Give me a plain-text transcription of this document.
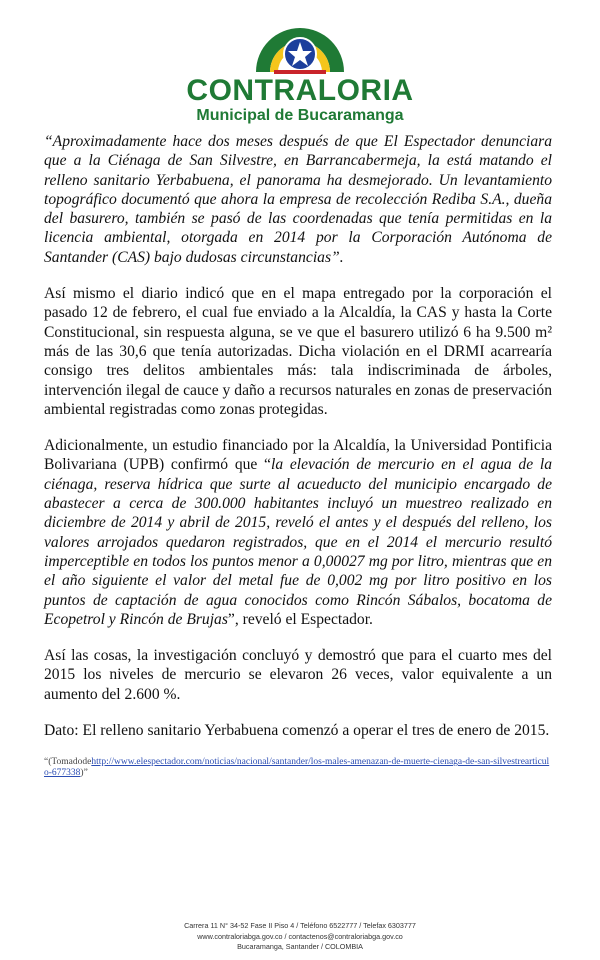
CONTRALORIA
Municipal de Bucaramanga

“Aproximadamente hace dos meses después de que El Espectador denunciara que a la Ciénaga de San Silvestre, en Barrancabermeja, la está matando el relleno sanitario Yerbabuena, el panorama ha desmejorado. Un levantamiento topográfico documentó que ahora la empresa de recolección Rediba S.A., dueña del basurero, también se pasó de las coordenadas que tenía permitidas en la licencia ambiental, otorgada en 2014 por la Corporación Autónoma de Santander (CAS) bajo dudosas circunstancias”.

Así mismo el diario indicó que en el mapa entregado por la corporación el pasado 12 de febrero, el cual fue enviado a la Alcaldía, la CAS y hasta la Corte Constitucional, sin respuesta alguna, se ve que el basurero utilizó 6 ha 9.500 m² más de las 30,6 que tenía autorizadas. Dicha violación en el DRMI acarrearía consigo tres delitos ambientales más: tala indiscriminada de árboles, intervención ilegal de cauce y daño a recursos naturales en zonas de preservación ambiental registradas como zonas protegidas.

Adicionalmente, un estudio financiado por la Alcaldía, la Universidad Pontificia Bolivariana (UPB) confirmó que “la elevación de mercurio en el agua de la ciénaga, reserva hídrica que surte al acueducto del municipio encargado de abastecer a cerca de 300.000 habitantes incluyó un muestreo realizado en diciembre de 2014 y abril de 2015, reveló el antes y el después del relleno, los valores arrojados quedaron registrados, que en el 2014 el mercurio resultó imperceptible en todos los puntos menor a 0,00027 mg por litro, mientras que en el año siguiente el valor del metal fue de 0,002 mg por litro positivo en los puntos de captación de agua conocidos como Rincón Sábalos, bocatoma de Ecopetrol y Rincón de Brujas”, reveló el Espectador.

Así las cosas, la investigación concluyó y demostró que para el cuarto mes del 2015 los niveles de mercurio se elevaron 26 veces, valor equivalente a un aumento del 2.600 %.

Dato: El relleno sanitario Yerbabuena comenzó a operar el tres de enero de 2015.

“(Tomadodehttp://www.elespectador.com/noticias/nacional/santander/los-males-amenazan-de-muerte-cienaga-de-san-silvestrearticulo-677338)”

Carrera 11 N° 34-52 Fase II Piso 4 / Teléfono 6522777 / Telefax 6303777
www.contraloriabga.gov.co / contactenos@contraloriabga.gov.co
Bucaramanga, Santander / COLOMBIA
